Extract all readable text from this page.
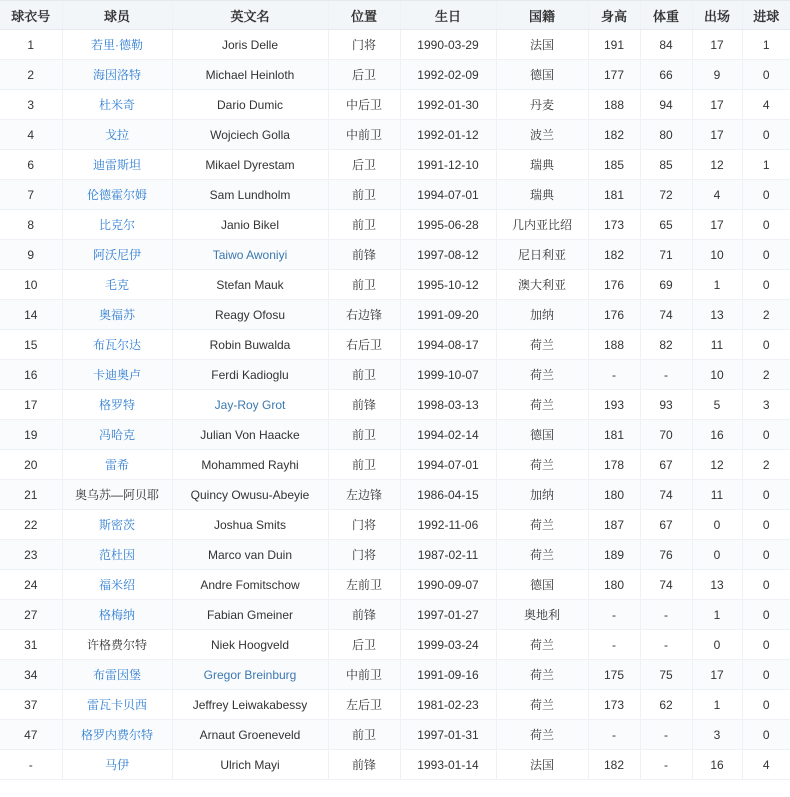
球衣号	球员	英文名	位置	生日	国籍	身高	体重	出场	进球
1	若里·德勒	Joris Delle	门将	1990-03-29	法国	191	84	17	1
2	海因洛特	Michael Heinloth	后卫	1992-02-09	德国	177	66	9	0
3	杜米奇	Dario Dumic	中后卫	1992-01-30	丹麦	188	94	17	4
4	戈拉	Wojciech Golla	中前卫	1992-01-12	波兰	182	80	17	0
6	迪雷斯坦	Mikael Dyrestam	后卫	1991-12-10	瑞典	185	85	12	1
7	伦德霍尔姆	Sam Lundholm	前卫	1994-07-01	瑞典	181	72	4	0
8	比克尔	Janio Bikel	前卫	1995-06-28	几内亚比绍	173	65	17	0
9	阿沃尼伊	Taiwo Awoniyi	前锋	1997-08-12	尼日利亚	182	71	10	0
10	毛克	Stefan Mauk	前卫	1995-10-12	澳大利亚	176	69	1	0
14	奥福苏	Reagy Ofosu	右边锋	1991-09-20	加纳	176	74	13	2
15	布瓦尔达	Robin Buwalda	右后卫	1994-08-17	荷兰	188	82	11	0
16	卡迪奥卢	Ferdi Kadioglu	前卫	1999-10-07	荷兰	-	-	10	2
17	格罗特	Jay-Roy Grot	前锋	1998-03-13	荷兰	193	93	5	3
19	冯哈克	Julian Von Haacke	前卫	1994-02-14	德国	181	70	16	0
20	雷希	Mohammed Rayhi	前卫	1994-07-01	荷兰	178	67	12	2
21	奥乌苏—阿贝耶	Quincy Owusu-Abeyie	左边锋	1986-04-15	加纳	180	74	11	0
22	斯密茨	Joshua Smits	门将	1992-11-06	荷兰	187	67	0	0
23	范杜因	Marco van Duin	门将	1987-02-11	荷兰	189	76	0	0
24	福米绍	Andre Fomitschow	左前卫	1990-09-07	德国	180	74	13	0
27	格梅纳	Fabian Gmeiner	前锋	1997-01-27	奥地利	-	-	1	0
31	许格费尔特	Niek Hoogveld	后卫	1999-03-24	荷兰	-	-	0	0
34	布雷因堡	Gregor Breinburg	中前卫	1991-09-16	荷兰	175	75	17	0
37	雷瓦卡贝西	Jeffrey Leiwakabessy	左后卫	1981-02-23	荷兰	173	62	1	0
47	格罗内费尔特	Arnaut Groeneveld	前卫	1997-01-31	荷兰	-	-	3	0
-	马伊	Ulrich Mayi	前锋	1993-01-14	法国	182	-	16	4
